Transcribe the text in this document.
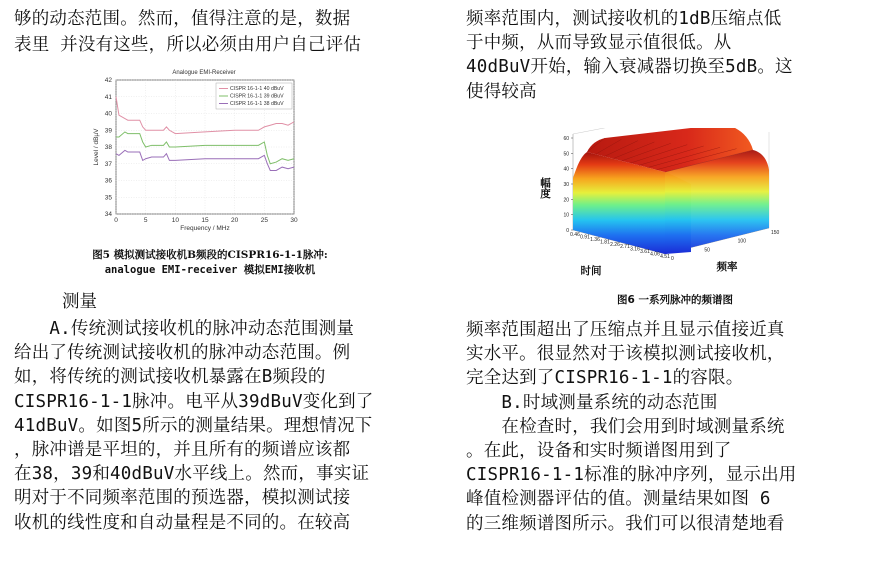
够的动态范围。然而，值得注意的是，数据

表里 并没有这些，所以必须由用户自己评估

Analogue EMI-Receiver
0	5	10	15	20	25	30
34
35
36
37
38
39
40
41
42
Frequency / MHz
Level / dBµV
CISPR 16-1-1 40 dBuV
CISPR 16-1-1 39 dBuV
CISPR 16-1-1 38 dBuV

图5 模拟测试接收机B频段的CISPR16-1-1脉冲:

analogue EMI-receiver 模拟EMI接收机

测量

　　A.传统测试接收机的脉冲动态范围测量

给出了传统测试接收机的脉冲动态范围。例

如，将传统的测试接收机暴露在B频段的

CISPR16-1-1脉冲。电平从39dBuV变化到了

41dBuV。如图5所示的测量结果。理想情况下

，脉冲谱是平坦的，并且所有的频谱应该都

在38，39和40dBuV水平线上。然而，事实证

明对于不同频率范围的预选器，模拟测试接

收机的线性度和自动量程是不同的。在较高

频率范围内，测试接收机的1dB压缩点低

于中频，从而导致显示值很低。从

40dBuV开始，输入衰减器切换至5dB。这

使得较高

0
10
20
30
40
50
60
0.46 0.91 1.36 1.81 2.26 2.71 3.16 3.61 4.06 4.51 0
50
100
150
幅度
时间	频率

图6 一系列脉冲的频谱图

频率范围超出了压缩点并且显示值接近真

实水平。很显然对于该模拟测试接收机，

完全达到了CISPR16-1-1的容限。

　　B.时域测量系统的动态范围

　　在检查时，我们会用到时域测量系统

。在此，设备和实时频谱图用到了

CISPR16-1-1标准的脉冲序列，显示出用

峰值检测器评估的值。测量结果如图 6

的三维频谱图所示。我们可以很清楚地看
